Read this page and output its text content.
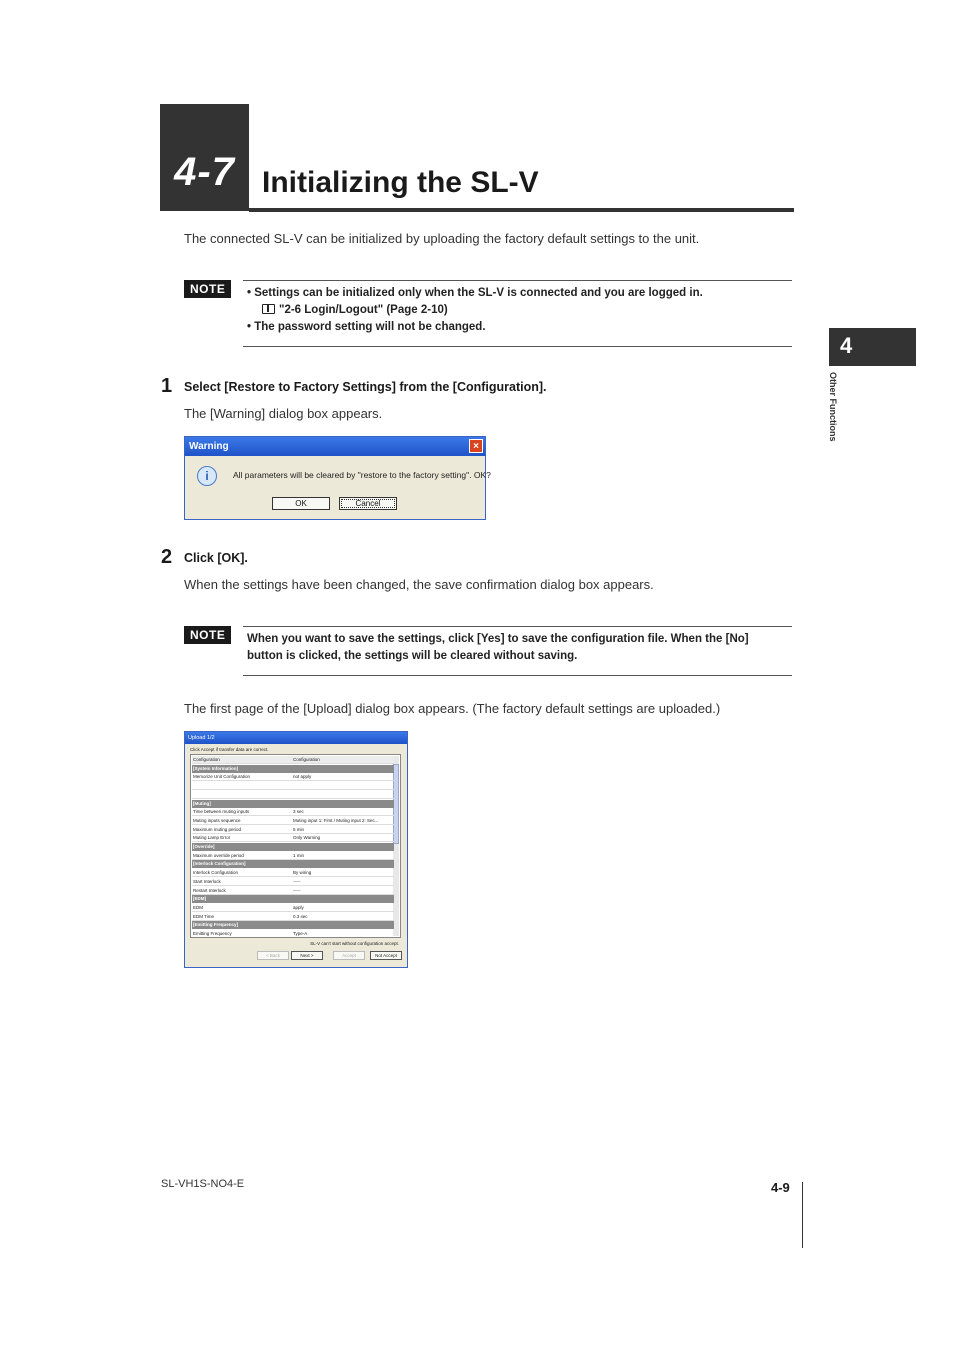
4-7 Initializing the SL-V
The connected SL-V can be initialized by uploading the factory default settings to the unit.
NOTE	• Settings can be initialized only when the SL-V is connected and you are logged in.
"2-6 Login/Logout" (Page 2-10)
• The password setting will not be changed.
4
Other Functions
1 Select [Restore to Factory Settings] from the [Configuration].
The [Warning] dialog box appears.
Warning	×
i	All parameters will be cleared by "restore to the factory setting". OK?
OK	Cancel
2 Click [OK].
When the settings have been changed, the save confirmation dialog box appears.
NOTE	When you want to save the settings, click [Yes] to save the configuration file. When the [No]
button is clicked, the settings will be cleared without saving.
The first page of the [Upload] dialog box appears. (The factory default settings are uploaded.)
Upload 1/2
Click Accept if transfer data are correct.
Configuration	Configuration
[System Information]
Memorize Unit Configuration	not apply
[Muting]
Time between muting inputs	3 sec
Muting inputs sequence	Muting input 1: First / Muting input 2: Sec...
Maximum muting period	5 min
Muting Lamp Error	Only Warning
[Override]
Maximum override period	1 min
[Interlock Configuration]
Interlock Configuration	By wiring
Start Interlock	-----
Restart Interlock	-----
[EDM]
EDM	apply
EDM Time	0.3 sec
[Emitting Frequency]
Emitting Frequency	Type-A
SL-V can't start without configuration accept.
< Back	Next >	Accept	Not Accept
SL-VH1S-NO4-E	4-9
